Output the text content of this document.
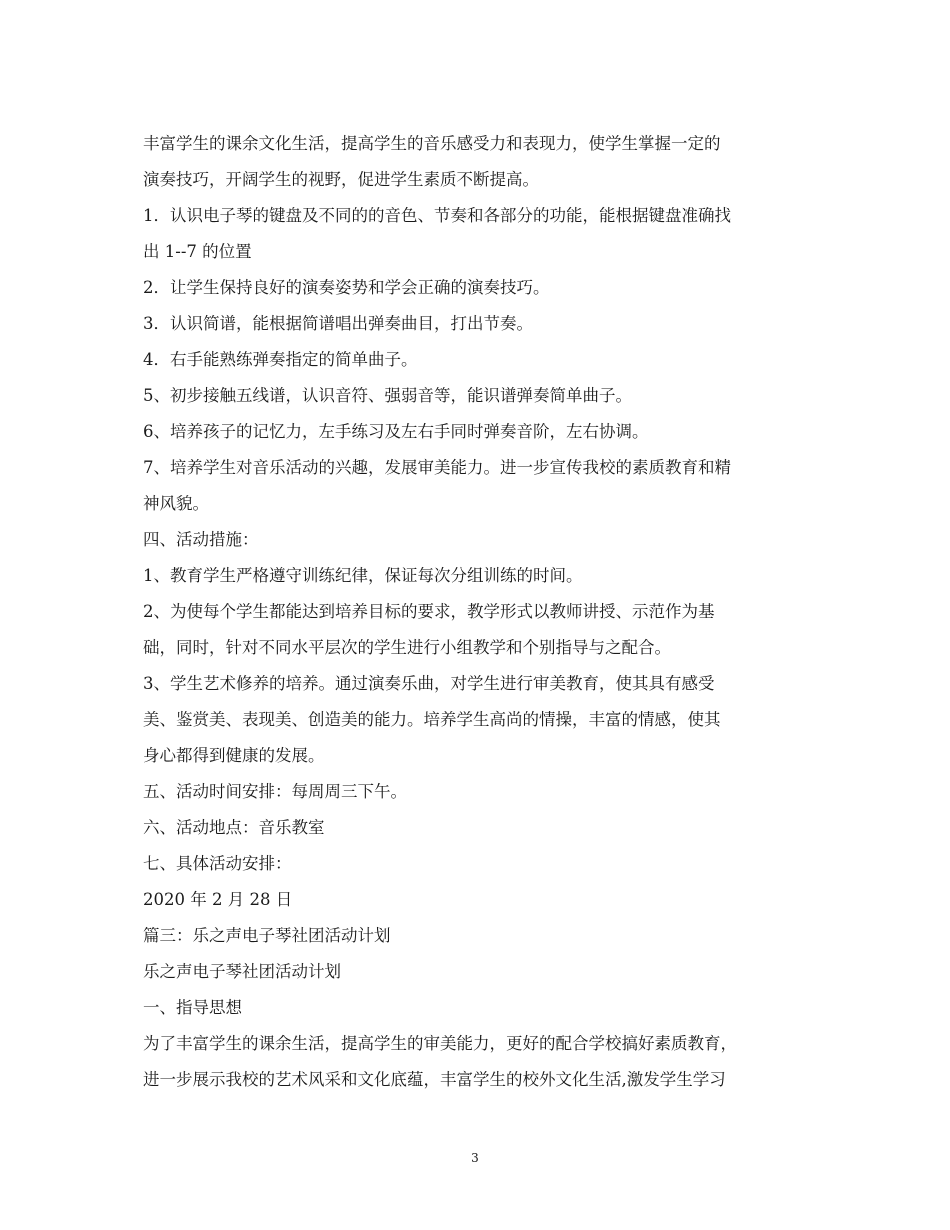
丰富学生的课余文化生活，提高学生的音乐感受力和表现力，使学生掌握一定的
演奏技巧，开阔学生的视野，促进学生素质不断提高。
1．认识电子琴的键盘及不同的的音色、节奏和各部分的功能，能根据键盘准确找
出 1--7 的位置
2．让学生保持良好的演奏姿势和学会正确的演奏技巧。
3．认识简谱，能根据简谱唱出弹奏曲目，打出节奏。
4．右手能熟练弹奏指定的简单曲子。
5、初步接触五线谱，认识音符、强弱音等，能识谱弹奏简单曲子。
6、培养孩子的记忆力，左手练习及左右手同时弹奏音阶，左右协调。
7、培养学生对音乐活动的兴趣，发展审美能力。进一步宣传我校的素质教育和精
神风貌。
四、活动措施：
1、教育学生严格遵守训练纪律，保证每次分组训练的时间。
2、为使每个学生都能达到培养目标的要求，教学形式以教师讲授、示范作为基
础，同时，针对不同水平层次的学生进行小组教学和个别指导与之配合。
3、学生艺术修养的培养。通过演奏乐曲，对学生进行审美教育，使其具有感受
美、鉴赏美、表现美、创造美的能力。培养学生高尚的情操，丰富的情感，使其
身心都得到健康的发展。
五、活动时间安排：每周周三下午。
六、活动地点：音乐教室
七、具体活动安排：
2020 年 2 月 28 日
篇三：乐之声电子琴社团活动计划
乐之声电子琴社团活动计划
一、指导思想
为了丰富学生的课余生活，提高学生的审美能力，更好的配合学校搞好素质教育，
进一步展示我校的艺术风采和文化底蕴，丰富学生的校外文化生活,激发学生学习
3
